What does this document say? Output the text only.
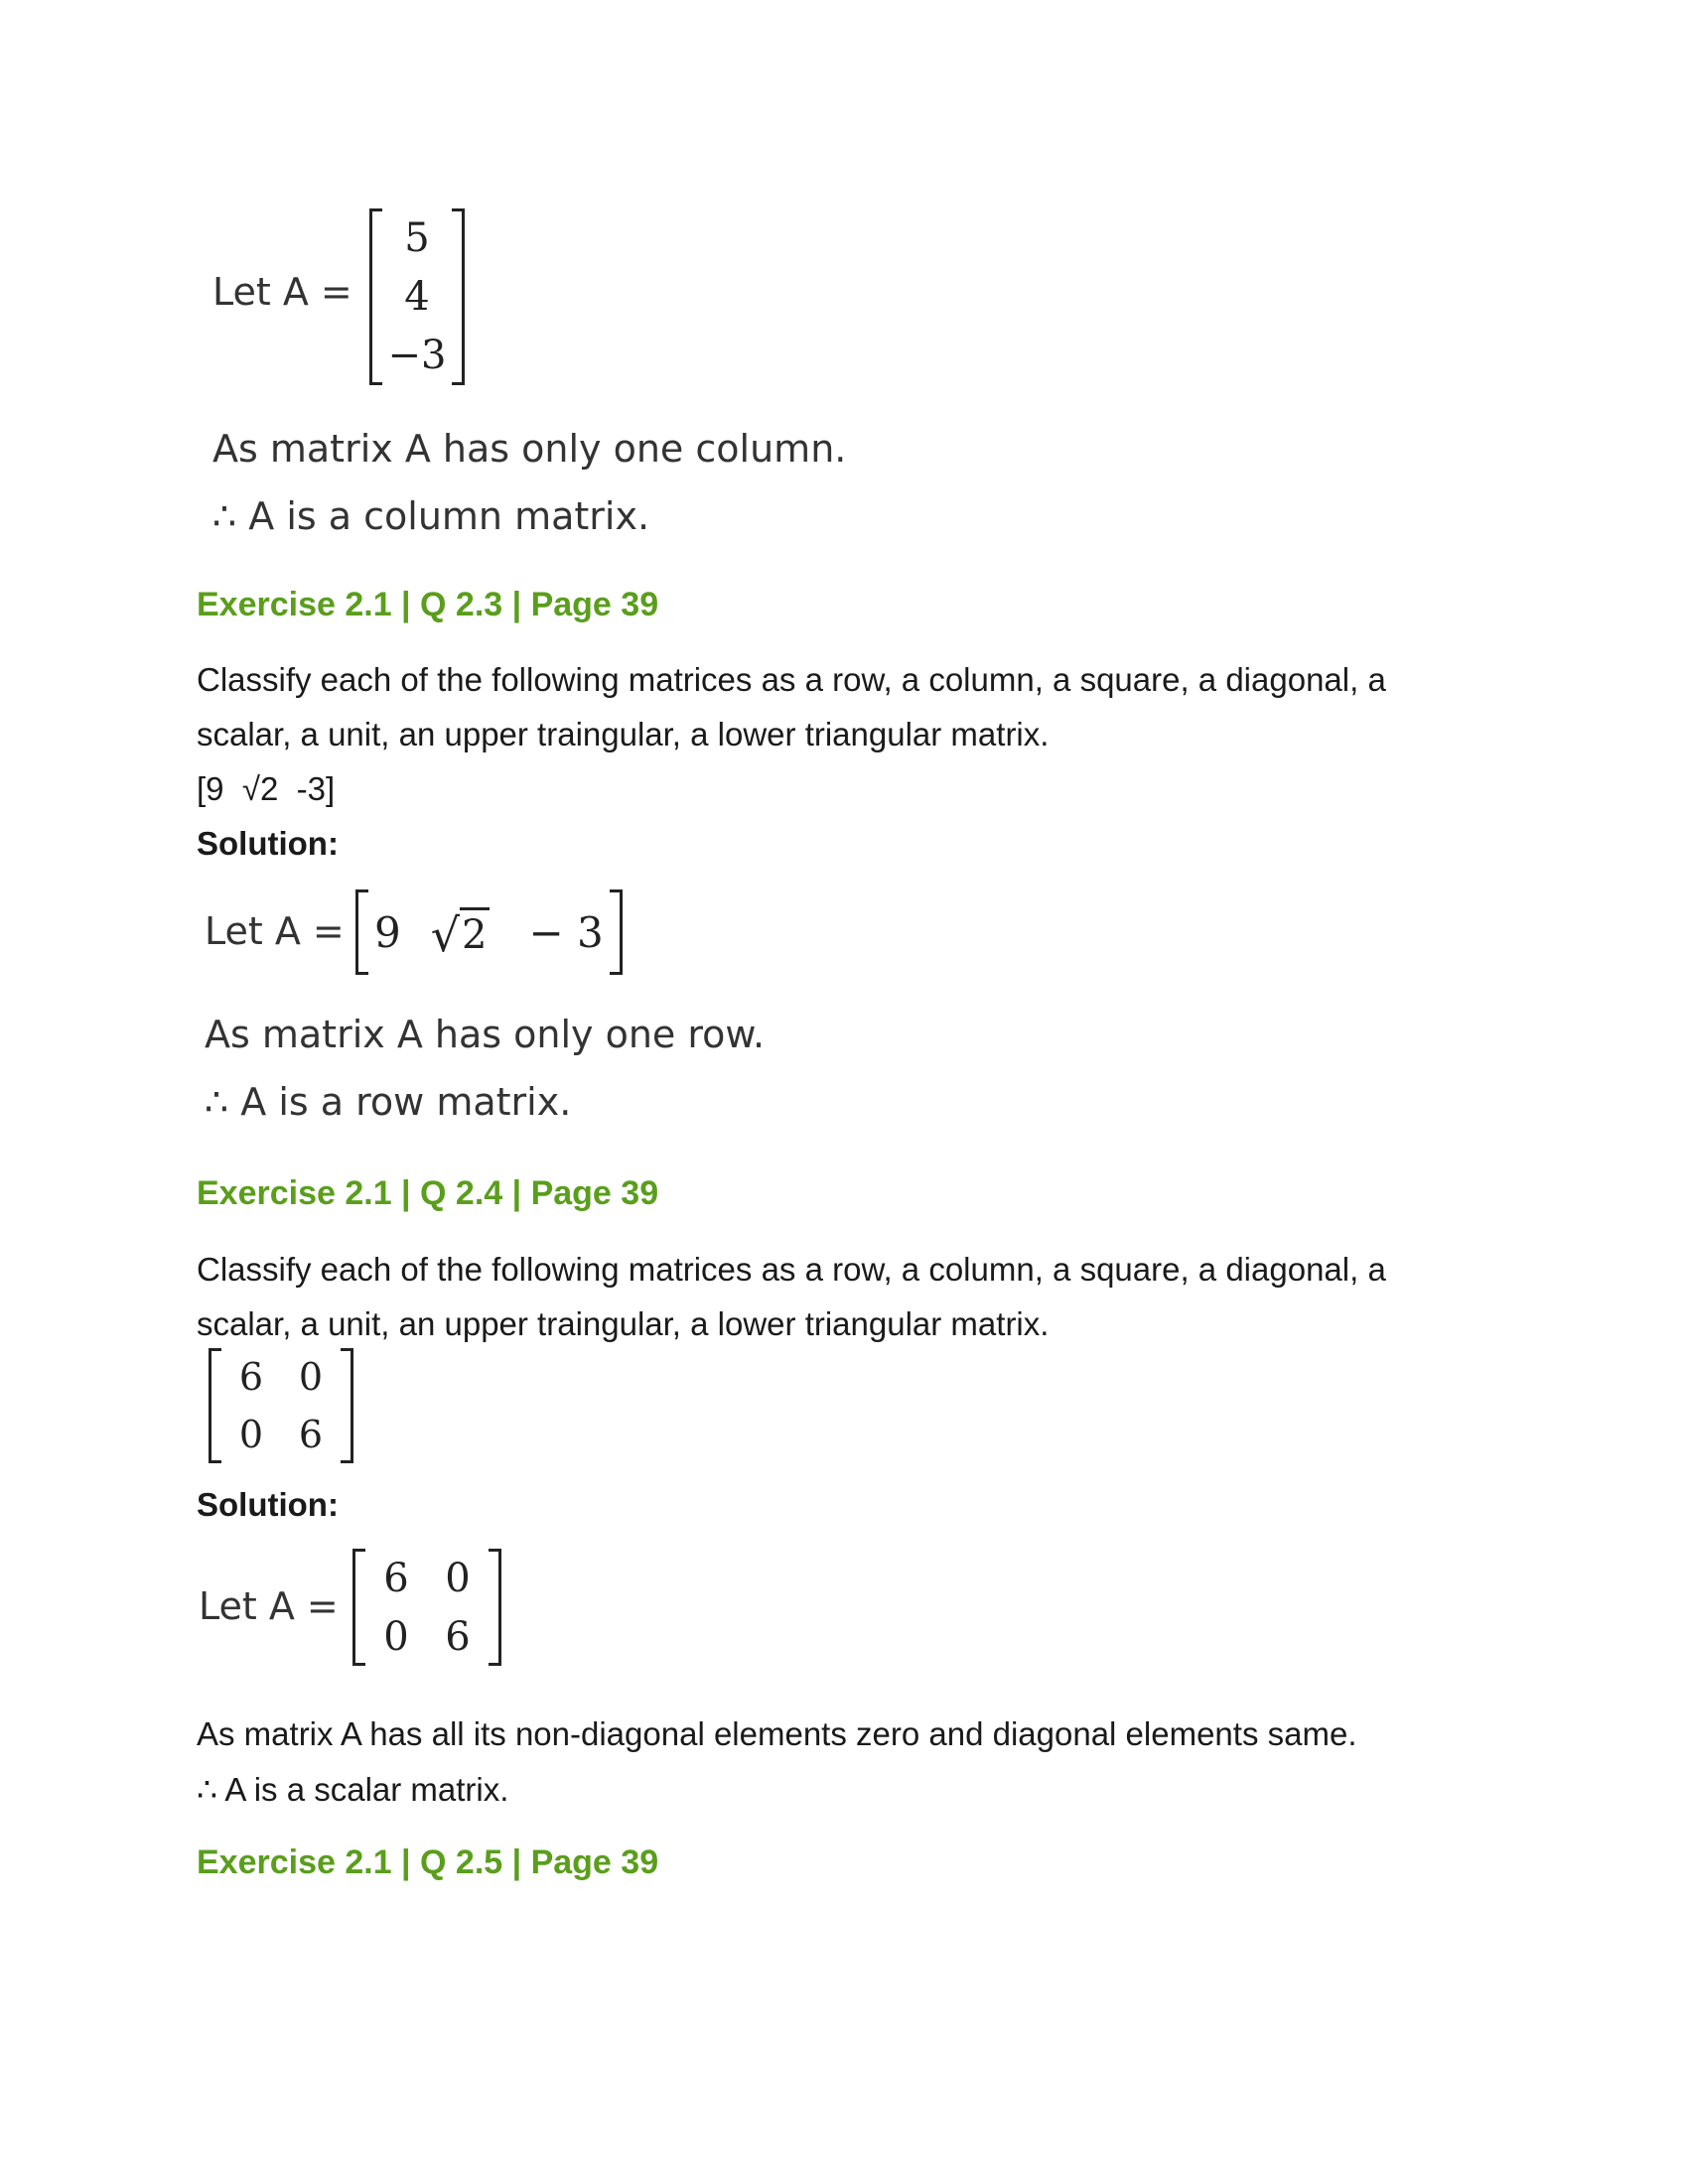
Let A =
5
4
−3
As matrix A has only one column.
∴ A is a column matrix.
Exercise 2.1 | Q 2.3 | Page 39
Classify each of the following matrices as a row, a column, a square, a diagonal, a
scalar, a unit, an upper traingular, a lower triangular matrix.
[9  √2  -3]
Solution:
Let A = 9 √ 2 − 3
As matrix A has only one row.
∴ A is a row matrix.
Exercise 2.1 | Q 2.4 | Page 39
Classify each of the following matrices as a row, a column, a square, a diagonal, a
scalar, a unit, an upper traingular, a lower triangular matrix.
6 0
0 6
Solution:
Let A =
6 0
0 6
As matrix A has all its non-diagonal elements zero and diagonal elements same.
∴ A is a scalar matrix.
Exercise 2.1 | Q 2.5 | Page 39
